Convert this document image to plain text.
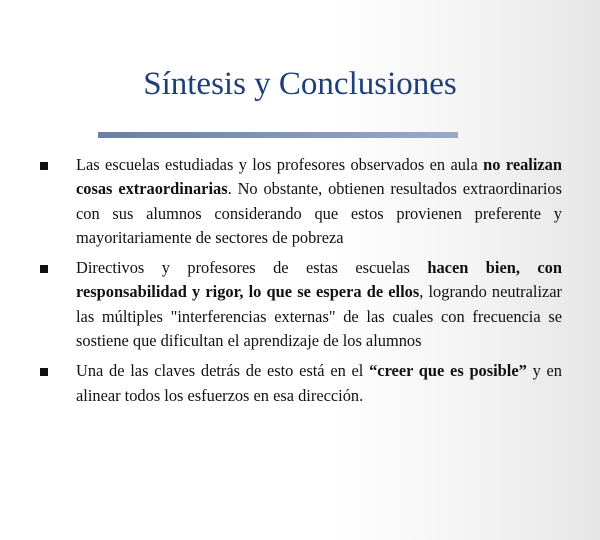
Síntesis y Conclusiones
Las escuelas estudiadas y los profesores observados en aula no realizan cosas extraordinarias. No obstante, obtienen resultados extraordinarios con sus alumnos considerando que estos provienen preferente y mayoritariamente de sectores de pobreza
Directivos y profesores de estas escuelas hacen bien, con responsabilidad y rigor, lo que se espera de ellos, logrando neutralizar las múltiples "interferencias externas" de las cuales con frecuencia se sostiene que dificultan el aprendizaje de los alumnos
Una de las claves detrás de esto está en el “creer que es posible” y en alinear todos los esfuerzos en esa dirección.
